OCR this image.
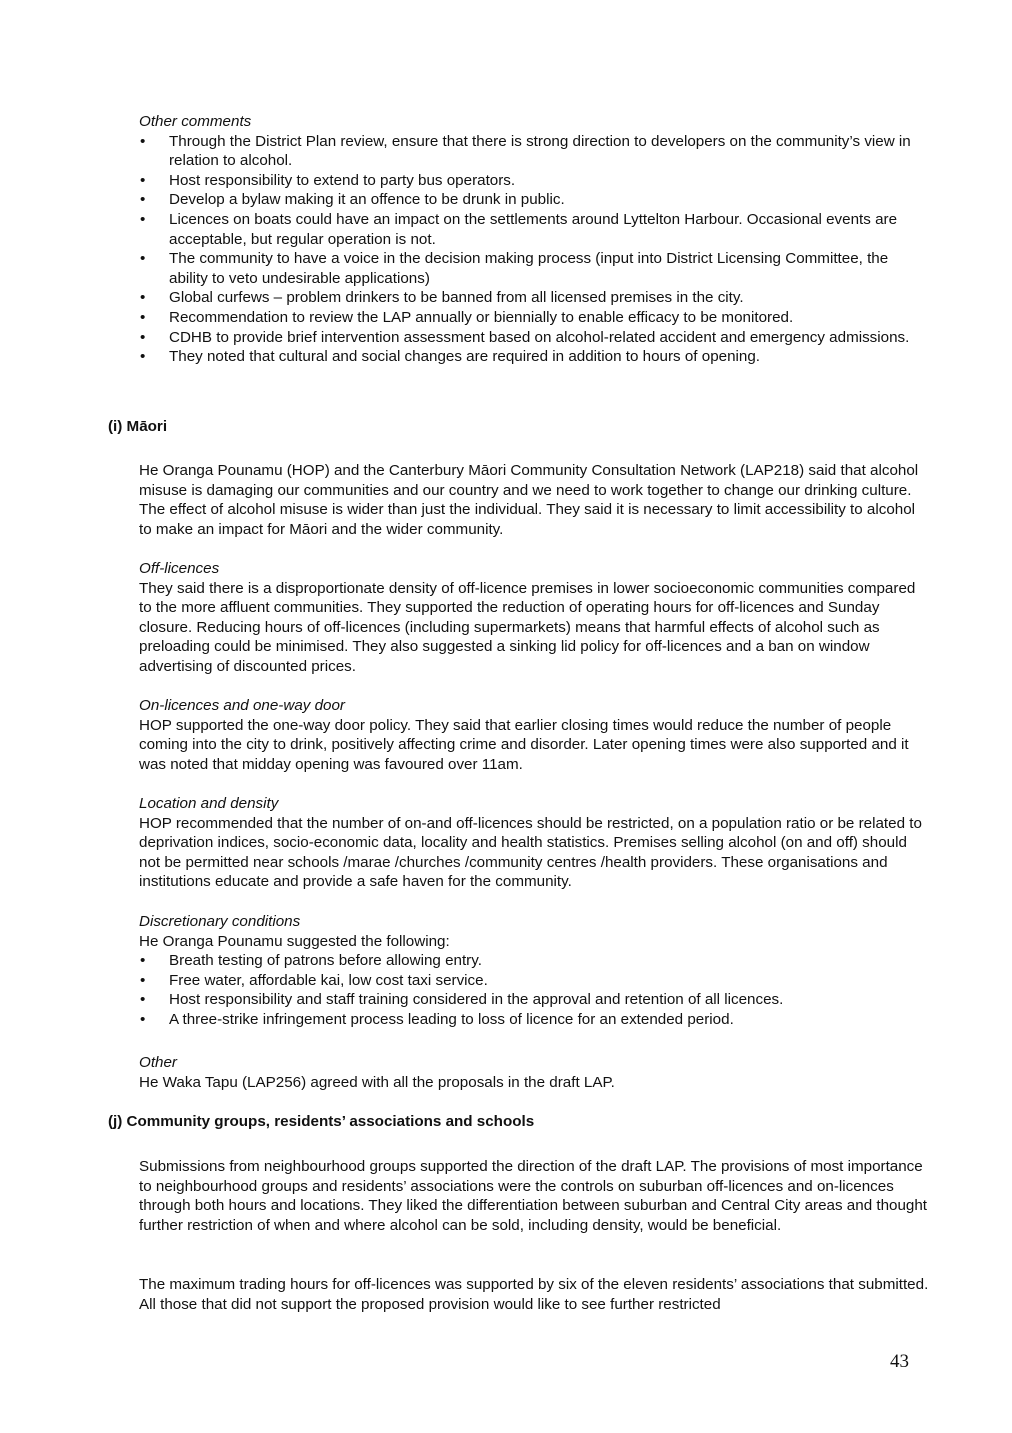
Other comments

• Through the District Plan review, ensure that there is strong direction to developers on the community’s view in relation to alcohol.
• Host responsibility to extend to party bus operators.
• Develop a bylaw making it an offence to be drunk in public.
• Licences on boats could have an impact on the settlements around Lyttelton Harbour. Occasional events are acceptable, but regular operation is not.
• The community to have a voice in the decision making process (input into District Licensing Committee, the ability to veto undesirable applications)
• Global curfews – problem drinkers to be banned from all licensed premises in the city.
• Recommendation to review the LAP annually or biennially to enable efficacy to be monitored.
• CDHB to provide brief intervention assessment based on alcohol-related accident and emergency admissions.
• They noted that cultural and social changes are required in addition to hours of opening.
(i) Māori

He Oranga Pounamu (HOP) and the Canterbury Māori Community Consultation Network (LAP218) said that alcohol misuse is damaging our communities and our country and we need to work together to change our drinking culture. The effect of alcohol misuse is wider than just the individual. They said it is necessary to limit accessibility to alcohol to make an impact for Māori and the wider community.

Off-licences

They said there is a disproportionate density of off-licence premises in lower socioeconomic communities compared to the more affluent communities. They supported the reduction of operating hours for off-licences and Sunday closure. Reducing hours of off-licences (including supermarkets) means that harmful effects of alcohol such as preloading could be minimised. They also suggested a sinking lid policy for off-licences and a ban on window advertising of discounted prices.

On-licences and one-way door

HOP supported the one-way door policy. They said that earlier closing times would reduce the number of people coming into the city to drink, positively affecting crime and disorder. Later opening times were also supported and it was noted that midday opening was favoured over 11am.

Location and density

HOP recommended that the number of on-and off-licences should be restricted, on a population ratio or be related to deprivation indices, socio-economic data, locality and health statistics. Premises selling alcohol (on and off) should not be permitted near schools /marae /churches /community centres /health providers. These organisations and institutions educate and provide a safe haven for the community.

Discretionary conditions

He Oranga Pounamu suggested the following:

• Breath testing of patrons before allowing entry.
• Free water, affordable kai, low cost taxi service.
• Host responsibility and staff training considered in the approval and retention of all licences.
• A three-strike infringement process leading to loss of licence for an extended period.

Other

He Waka Tapu (LAP256) agreed with all the proposals in the draft LAP.

(j) Community groups, residents’ associations and schools

Submissions from neighbourhood groups supported the direction of the draft LAP. The provisions of most importance to neighbourhood groups and residents’ associations were the controls on suburban off-licences and on-licences through both hours and locations. They liked the differentiation between suburban and Central City areas and thought further restriction of when and where alcohol can be sold, including density, would be beneficial.

The maximum trading hours for off-licences was supported by six of the eleven residents’ associations that submitted. All those that did not support the proposed provision would like to see further restricted

43
